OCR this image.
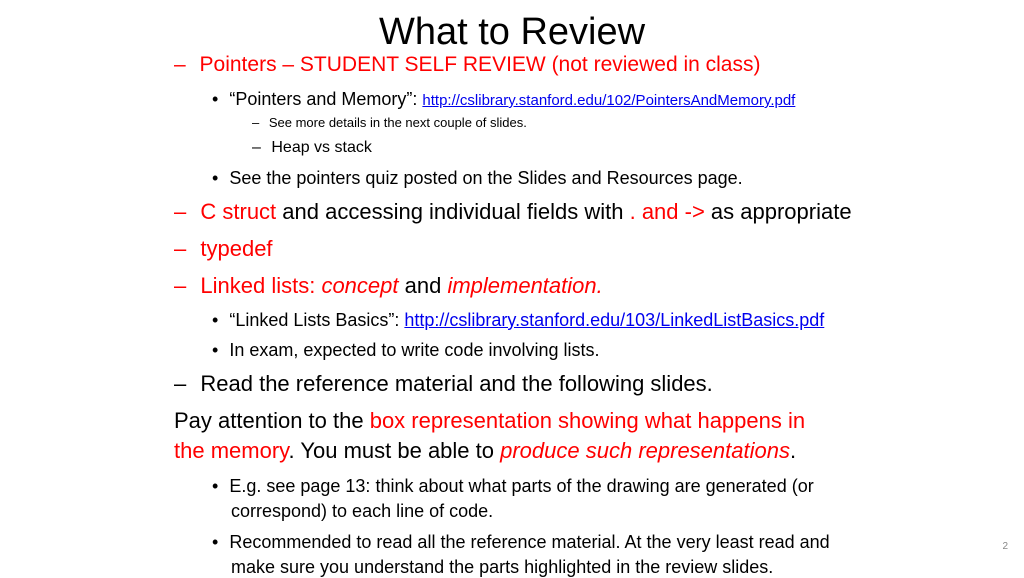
What to Review
– Pointers – STUDENT SELF REVIEW (not reviewed in class)
• “Pointers and Memory”: http://cslibrary.stanford.edu/102/PointersAndMemory.pdf
– See more details in the next couple of slides.
– Heap vs stack
• See the pointers quiz posted on the Slides and Resources page.
– C struct and accessing individual fields with . and -> as appropriate
– typedef
– Linked lists: concept and implementation.
• “Linked Lists Basics”: http://cslibrary.stanford.edu/103/LinkedListBasics.pdf
• In exam, expected to write code involving lists.
– Read the reference material and the following slides.
Pay attention to the box representation showing what happens in
the memory. You must be able to produce such representations.
• E.g. see page 13: think about what parts of the drawing are generated (or
correspond) to each line of code.
• Recommended to read all the reference material. At the very least read and
make sure you understand the parts highlighted in the review slides.
2
